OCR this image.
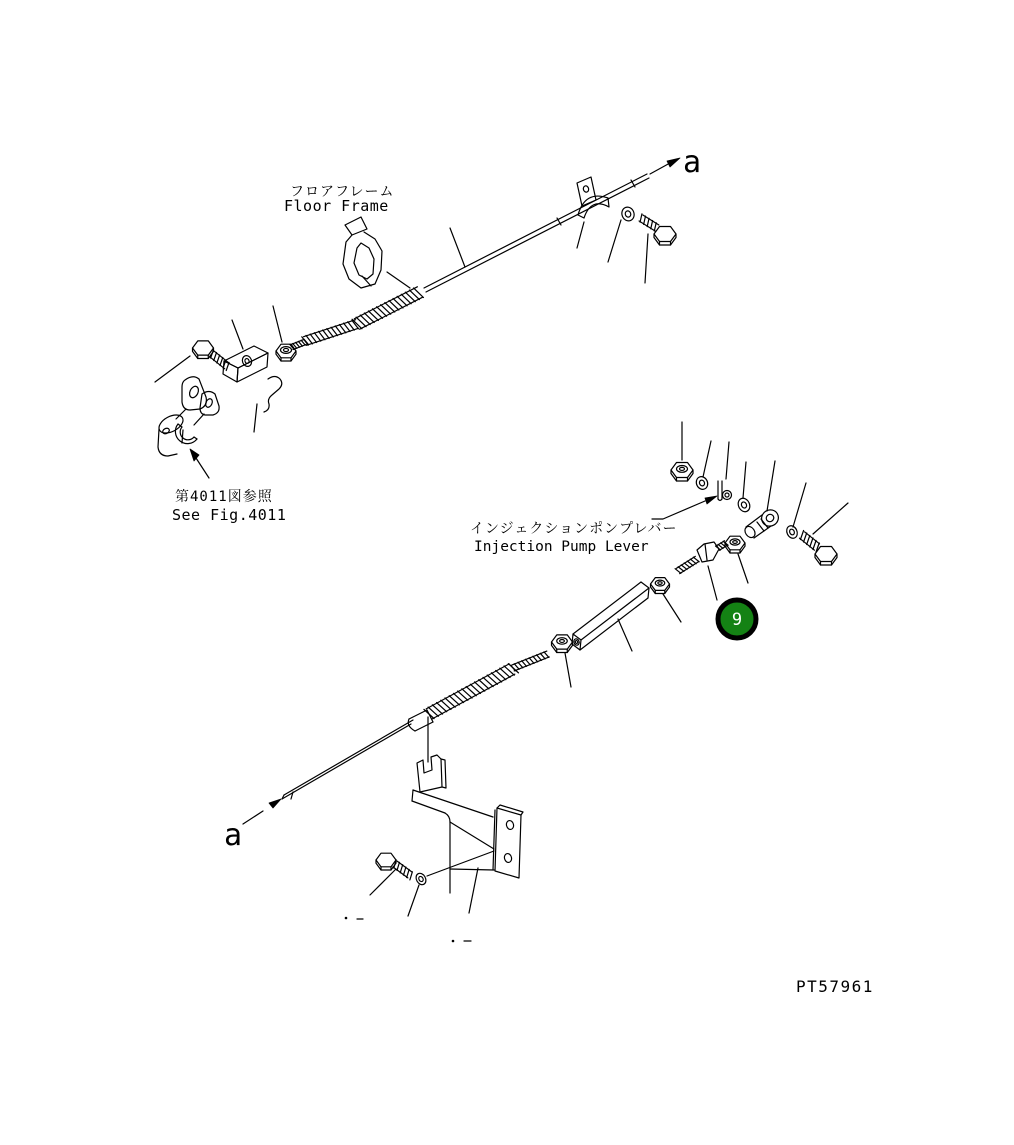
9
フロアフレーム
Floor Frame
第4011図参照
See Fig.4011
インジェクションポンプレバー
Injection Pump Lever
a
a
PT57961
